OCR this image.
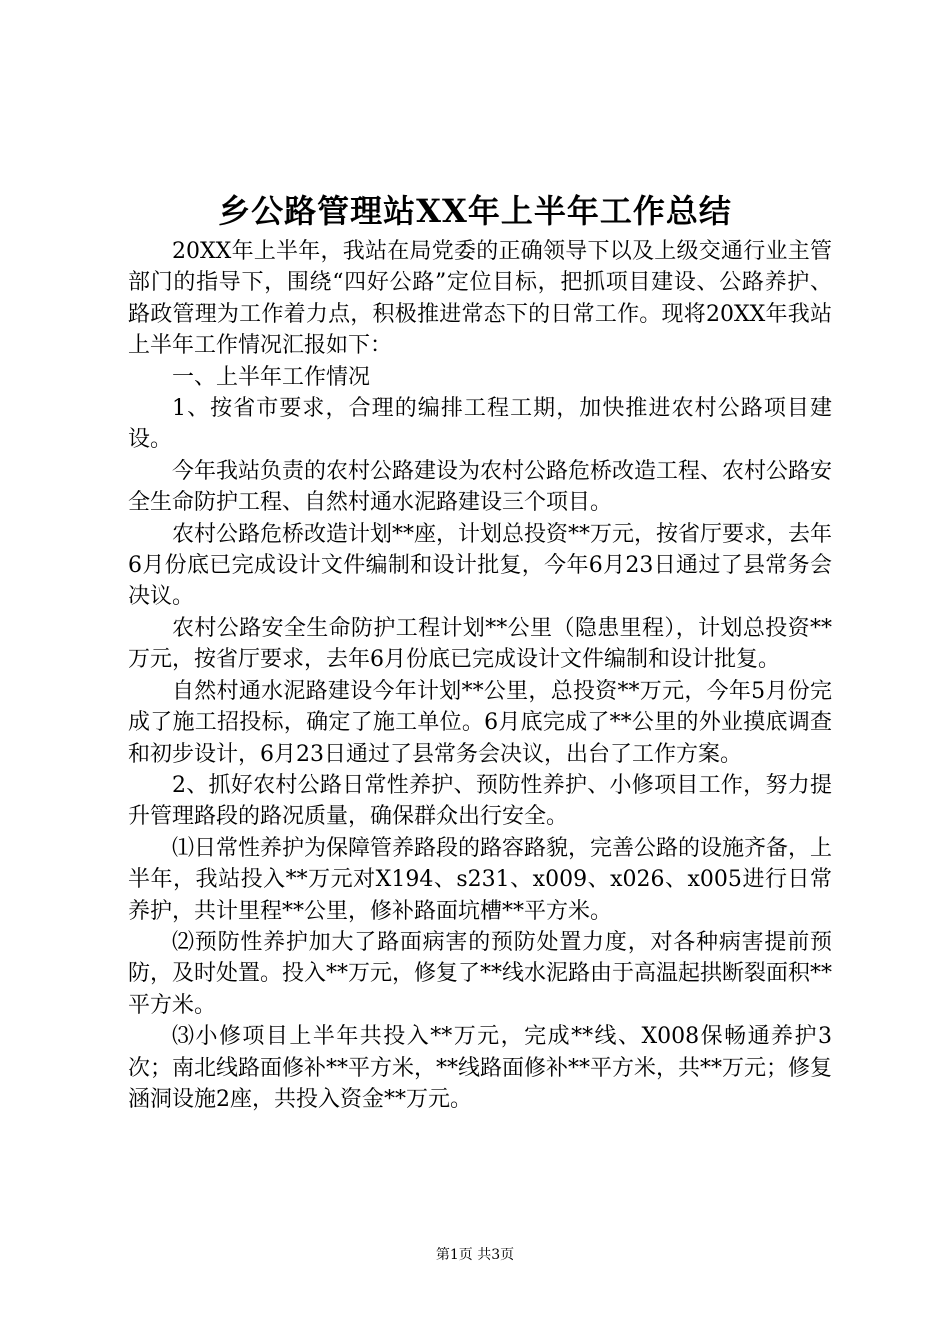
乡公路管理站XX年上半年工作总结

20XX年上半年，我站在局党委的正确领导下以及上级交通行业主管部门的指导下，围绕“四好公路”定位目标，把抓项目建设、公路养护、路政管理为工作着力点，积极推进常态下的日常工作。现将20XX年我站上半年工作情况汇报如下：

一、上半年工作情况

1、按省市要求，合理的编排工程工期，加快推进农村公路项目建设。

今年我站负责的农村公路建设为农村公路危桥改造工程、农村公路安全生命防护工程、自然村通水泥路建设三个项目。

农村公路危桥改造计划**座，计划总投资**万元，按省厅要求，去年6月份底已完成设计文件编制和设计批复，今年6月23日通过了县常务会决议。

农村公路安全生命防护工程计划**公里（隐患里程），计划总投资**万元，按省厅要求，去年6月份底已完成设计文件编制和设计批复。

自然村通水泥路建设今年计划**公里，总投资**万元，今年5月份完成了施工招投标，确定了施工单位。6月底完成了**公里的外业摸底调查和初步设计，6月23日通过了县常务会决议，出台了工作方案。

2、抓好农村公路日常性养护、预防性养护、小修项目工作，努力提升管理路段的路况质量，确保群众出行安全。

⑴日常性养护为保障管养路段的路容路貌，完善公路的设施齐备，上半年，我站投入**万元对X194、s231、x009、x026、x005进行日常养护，共计里程**公里，修补路面坑槽**平方米。

⑵预防性养护加大了路面病害的预防处置力度，对各种病害提前预防，及时处置。投入**万元，修复了**线水泥路由于高温起拱断裂面积**平方米。

⑶小修项目上半年共投入**万元，完成**线、X008保畅通养护3次；南北线路面修补**平方米，**线路面修补**平方米，共**万元；修复涵洞设施2座，共投入资金**万元。

第1页 共3页
